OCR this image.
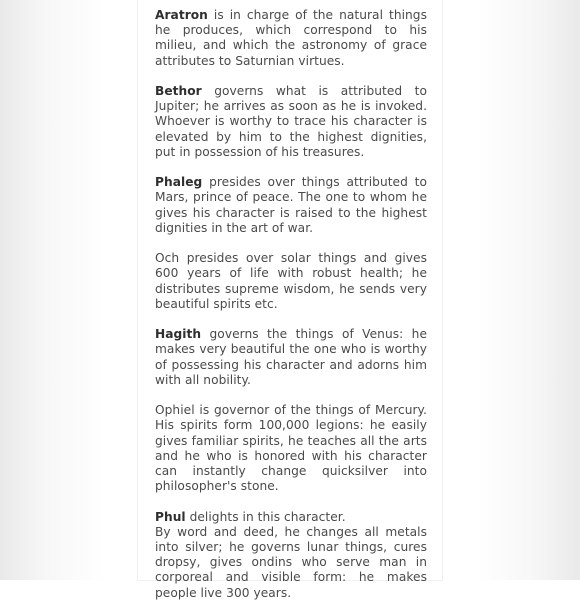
Aratron is in charge of the natural things he produces, which correspond to his milieu, and which the astronomy of grace attributes to Saturnian virtues.

Bethor governs what is attributed to Jupiter; he arrives as soon as he is invoked. Whoever is worthy to trace his character is elevated by him to the highest dignities, put in possession of his treasures.

Phaleg presides over things attributed to Mars, prince of peace. The one to whom he gives his character is raised to the highest dignities in the art of war.

Och presides over solar things and gives 600 years of life with robust health; he distributes supreme wisdom, he sends very beautiful spirits etc.

Hagith governs the things of Venus: he makes very beautiful the one who is worthy of possessing his character and adorns him with all nobility.

Ophiel is governor of the things of Mercury. His spirits form 100,000 legions: he easily gives familiar spirits, he teaches all the arts and he who is honored with his character can instantly change quicksilver into philosopher's stone.

Phul delights in this character.
By word and deed, he changes all metals into silver; he governs lunar things, cures dropsy, gives ondins who serve man in corporeal and visible form: he makes people live 300 years.
